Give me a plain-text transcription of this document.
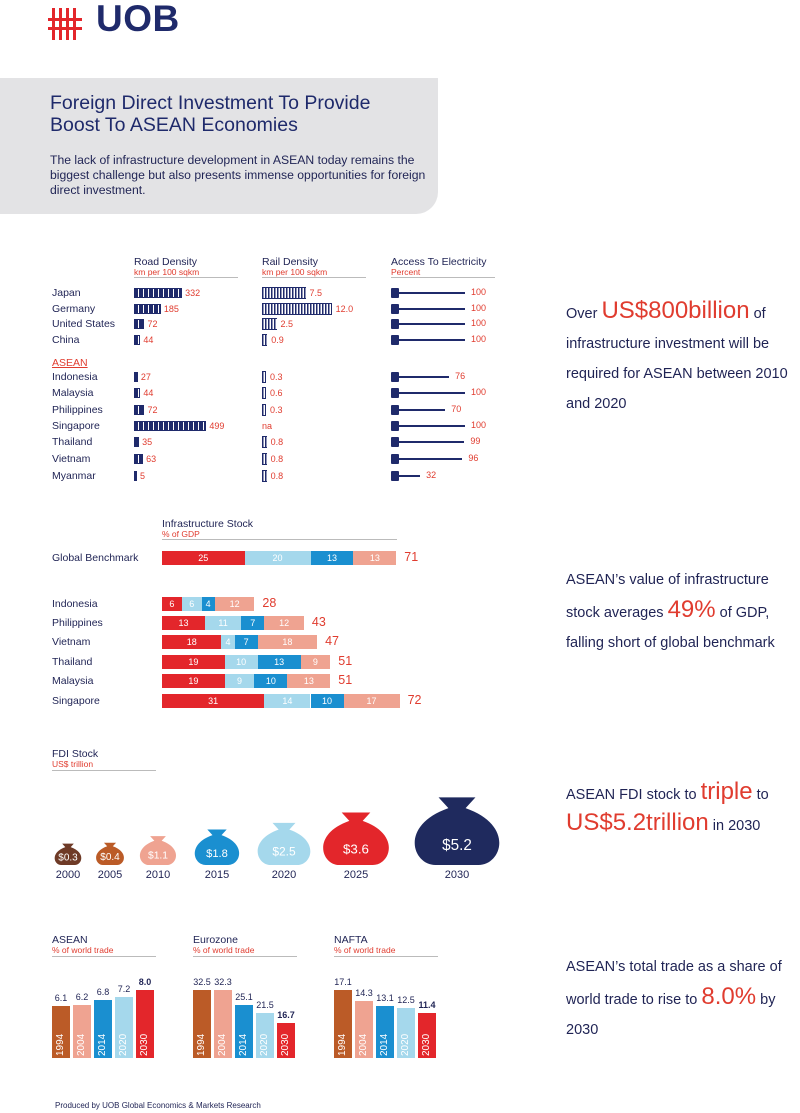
UOB
Foreign Direct Investment To Provide Boost To ASEAN Economies
The lack of infrastructure development in ASEAN today remains the biggest challenge but also presents immense opportunities for foreign direct investment.
Road Density
km per 100 sqkm
Rail Density
km per 100 sqkm
Access To Electricity
Percent
ASEAN
Japan	332	7.5	100
Germany	185	12.0	100
United States	72	2.5	100
China	44	0.9	100
Indonesia	27	0.3	76
Malaysia	44	0.6	100
Philippines	72	0.3	70
Singapore	499	na	100
Thailand	35	0.8	99
Vietnam	63	0.8	96
Myanmar	5	0.8	32
Over US$800billion of infrastructure investment will be required for ASEAN between 2010 and 2020
Infrastructure Stock
% of GDP
Global Benchmark	25	20	13	13	71
Indonesia	6	6	4	12	28
Philippines	13	11	7	12	43
Vietnam	18	4	7	18	47
Thailand	19	10	13	9	51
Malaysia	19	9	10	13	51
Singapore	31	14	10	17	72
ASEAN’s value of infrastructure stock averages 49% of GDP, falling short of global benchmark
FDI Stock
US$ trillion
$0.3
2000
$0.4
2005
$1.1
2010
$1.8
2015
$2.5
2020
$3.6
2025
$5.2
2030
ASEAN FDI stock to triple to
US$5.2trillion in 2030
ASEAN
% of world trade
6.1
1994
6.2
2004
6.8
2014
7.2
2020
8.0
2030
Eurozone
% of world trade
32.5
1994
32.3
2004
25.1
2014
21.5
2020
16.7
2030
NAFTA
% of world trade
17.1
1994
14.3
2004
13.1
2014
12.5
2020
11.4
2030
ASEAN’s total trade as a share of world trade to rise to 8.0% by 2030
Produced by UOB Global Economics & Markets Research
